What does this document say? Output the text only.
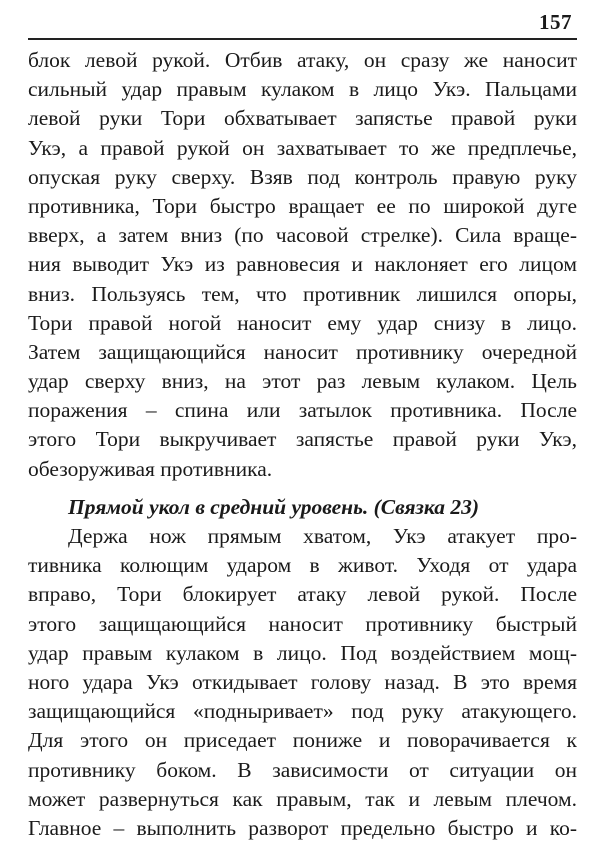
157
блок левой рукой. Отбив атаку, он сразу же наносит
сильный удар правым кулаком в лицо Укэ. Пальцами
левой руки Тори обхватывает запястье правой руки
Укэ, а правой рукой он захватывает то же предплечье,
опуская руку сверху. Взяв под контроль правую руку
противника, Тори быстро вращает ее по широкой дуге
вверх, а затем вниз (по часовой стрелке). Сила враще-
ния выводит Укэ из равновесия и наклоняет его лицом
вниз. Пользуясь тем, что противник лишился опоры,
Тори правой ногой наносит ему удар снизу в лицо.
Затем защищающийся наносит противнику очередной
удар сверху вниз, на этот раз левым кулаком. Цель
поражения – спина или затылок противника. После
этого Тори выкручивает запястье правой руки Укэ,
обезоруживая противника.
Прямой укол в средний уровень. (Связка 23)
Держа нож прямым хватом, Укэ атакует про-
тивника колющим ударом в живот. Уходя от удара
вправо, Тори блокирует атаку левой рукой. После
этого защищающийся наносит противнику быстрый
удар правым кулаком в лицо. Под воздействием мощ-
ного удара Укэ откидывает голову назад. В это время
защищающийся «подныривает» под руку атакующего.
Для этого он приседает пониже и поворачивается к
противнику боком. В зависимости от ситуации он
может развернуться как правым, так и левым плечом.
Главное – выполнить разворот предельно быстро и ко-
